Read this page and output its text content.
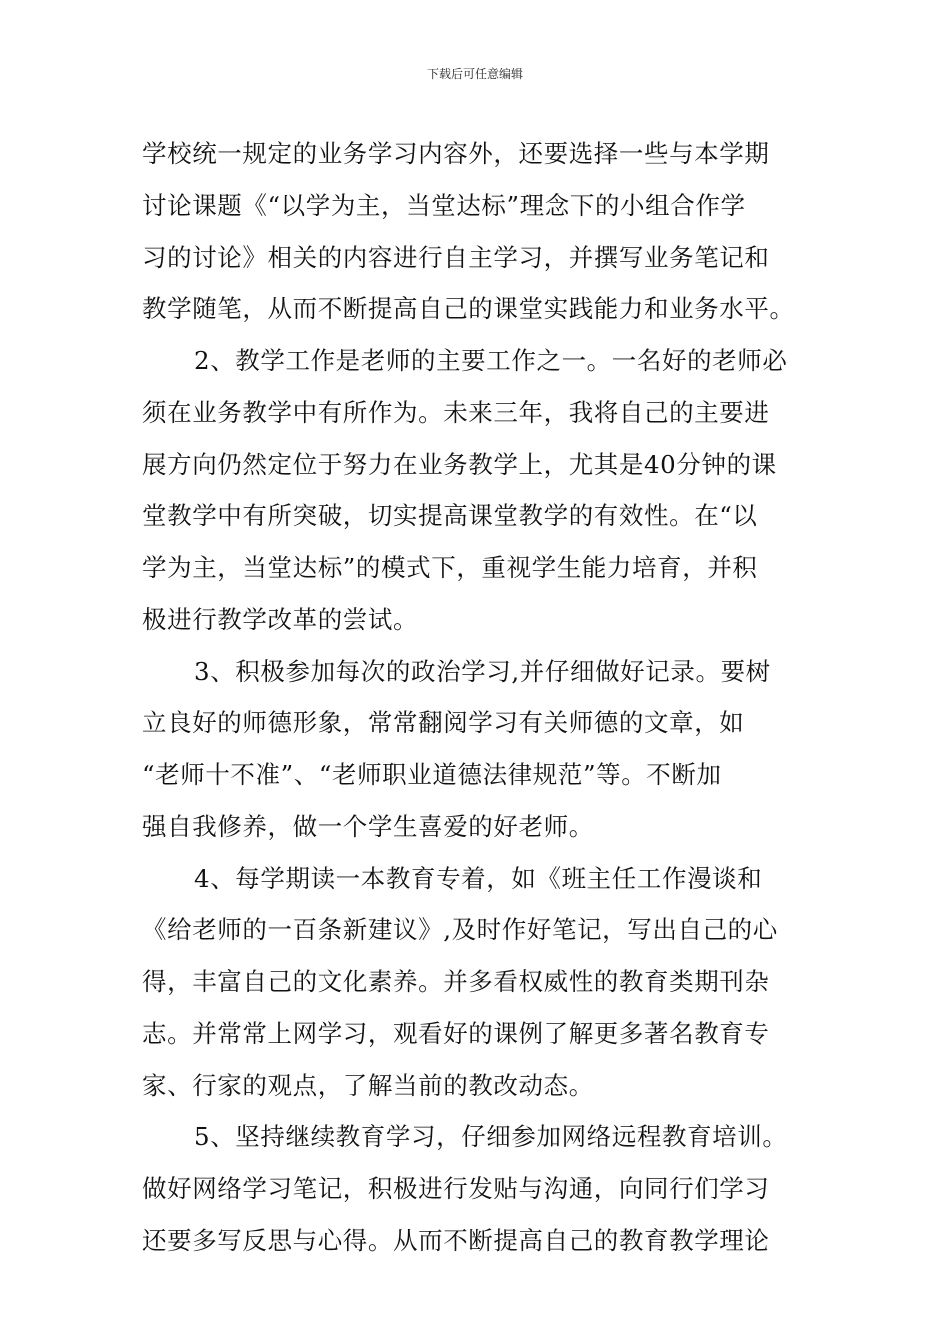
下载后可任意编辑
学校统一规定的业务学习内容外，还要选择一些与本学期
讨论课题《“以学为主，当堂达标”理念下的小组合作学
习的讨论》相关的内容进行自主学习，并撰写业务笔记和
教学随笔，从而不断提高自己的课堂实践能力和业务水平。
2、教学工作是老师的主要工作之一。一名好的老师必
须在业务教学中有所作为。未来三年，我将自己的主要进
展方向仍然定位于努力在业务教学上，尤其是40分钟的课
堂教学中有所突破，切实提高课堂教学的有效性。在“以
学为主，当堂达标”的模式下，重视学生能力培育，并积
极进行教学改革的尝试。
3、积极参加每次的政治学习,并仔细做好记录。要树
立良好的师德形象，常常翻阅学习有关师德的文章，如
“老师十不准”、“老师职业道德法律规范”等。不断加
强自我修养，做一个学生喜爱的好老师。
4、每学期读一本教育专着，如《班主任工作漫谈和
《给老师的一百条新建议》,及时作好笔记，写出自己的心
得，丰富自己的文化素养。并多看权威性的教育类期刊杂
志。并常常上网学习，观看好的课例了解更多著名教育专
家、行家的观点，了解当前的教改动态。
5、坚持继续教育学习，仔细参加网络远程教育培训。
做好网络学习笔记，积极进行发贴与沟通，向同行们学习
还要多写反思与心得。从而不断提高自己的教育教学理论
